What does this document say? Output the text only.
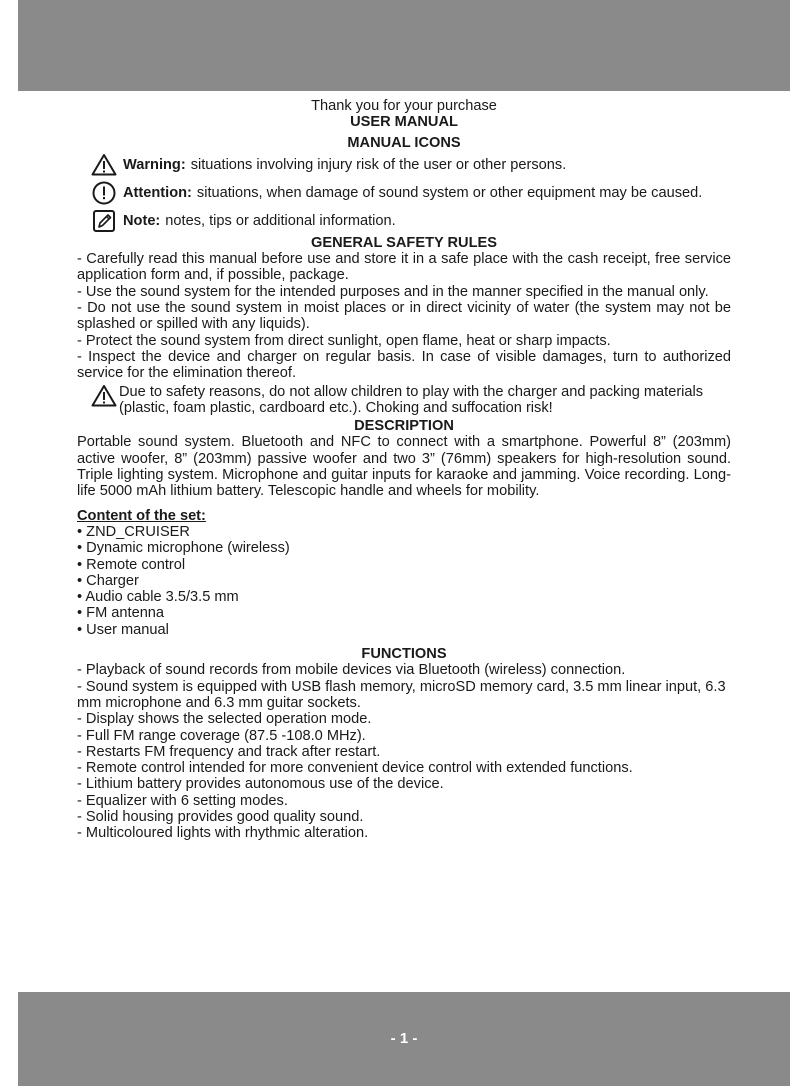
Thank you for your purchase
USER MANUAL
MANUAL ICONS
Warning: situations involving injury risk of the user or other persons.
Attention: situations, when damage of sound system or other equipment may be caused.
Note: notes, tips or additional information.
GENERAL SAFETY RULES

- Carefully read this manual before use and store it in a safe place with the cash receipt, free service application form and, if possible, package.

- Use the sound system for the intended purposes and in the manner specified in the manual only.

- Do not use the sound system in moist places or in direct vicinity of water (the system may not be splashed or spilled with any liquids).

- Protect the sound system from direct sunlight, open flame, heat or sharp impacts.

- Inspect the device and charger on regular basis. In case of visible damages, turn to authorized service for the elimination thereof.

Due to safety reasons, do not allow children to play with the charger and packing materials (plastic, foam plastic, cardboard etc.). Choking and suffocation risk!
DESCRIPTION

Portable sound system. Bluetooth and NFC to connect with a smartphone. Powerful 8” (203mm) active woofer, 8” (203mm) passive woofer and two 3” (76mm) speakers for high-resolution sound. Triple lighting system. Microphone and guitar inputs for karaoke and jamming. Voice recording. Long-life 5000 mAh lithium battery. Telescopic handle and wheels for mobility.

Content of the set:
• ZND_CRUISER
• Dynamic microphone (wireless)
• Remote control
• Charger
• Audio cable 3.5/3.5 mm
• FM antenna
• User manual
FUNCTIONS

- Playback of sound records from mobile devices via Bluetooth (wireless) connection.

- Sound system is equipped with USB flash memory, microSD memory card, 3.5 mm linear input, 6.3 mm microphone and 6.3 mm guitar sockets.

- Display shows the selected operation mode.

- Full FM range coverage (87.5 -108.0 MHz).

- Restarts FM frequency and track after restart.

- Remote control intended for more convenient device control with extended functions.

- Lithium battery provides autonomous use of the device.

- Equalizer with 6 setting modes.

- Solid housing provides good quality sound.

- Multicoloured lights with rhythmic alteration.

- 1 -
